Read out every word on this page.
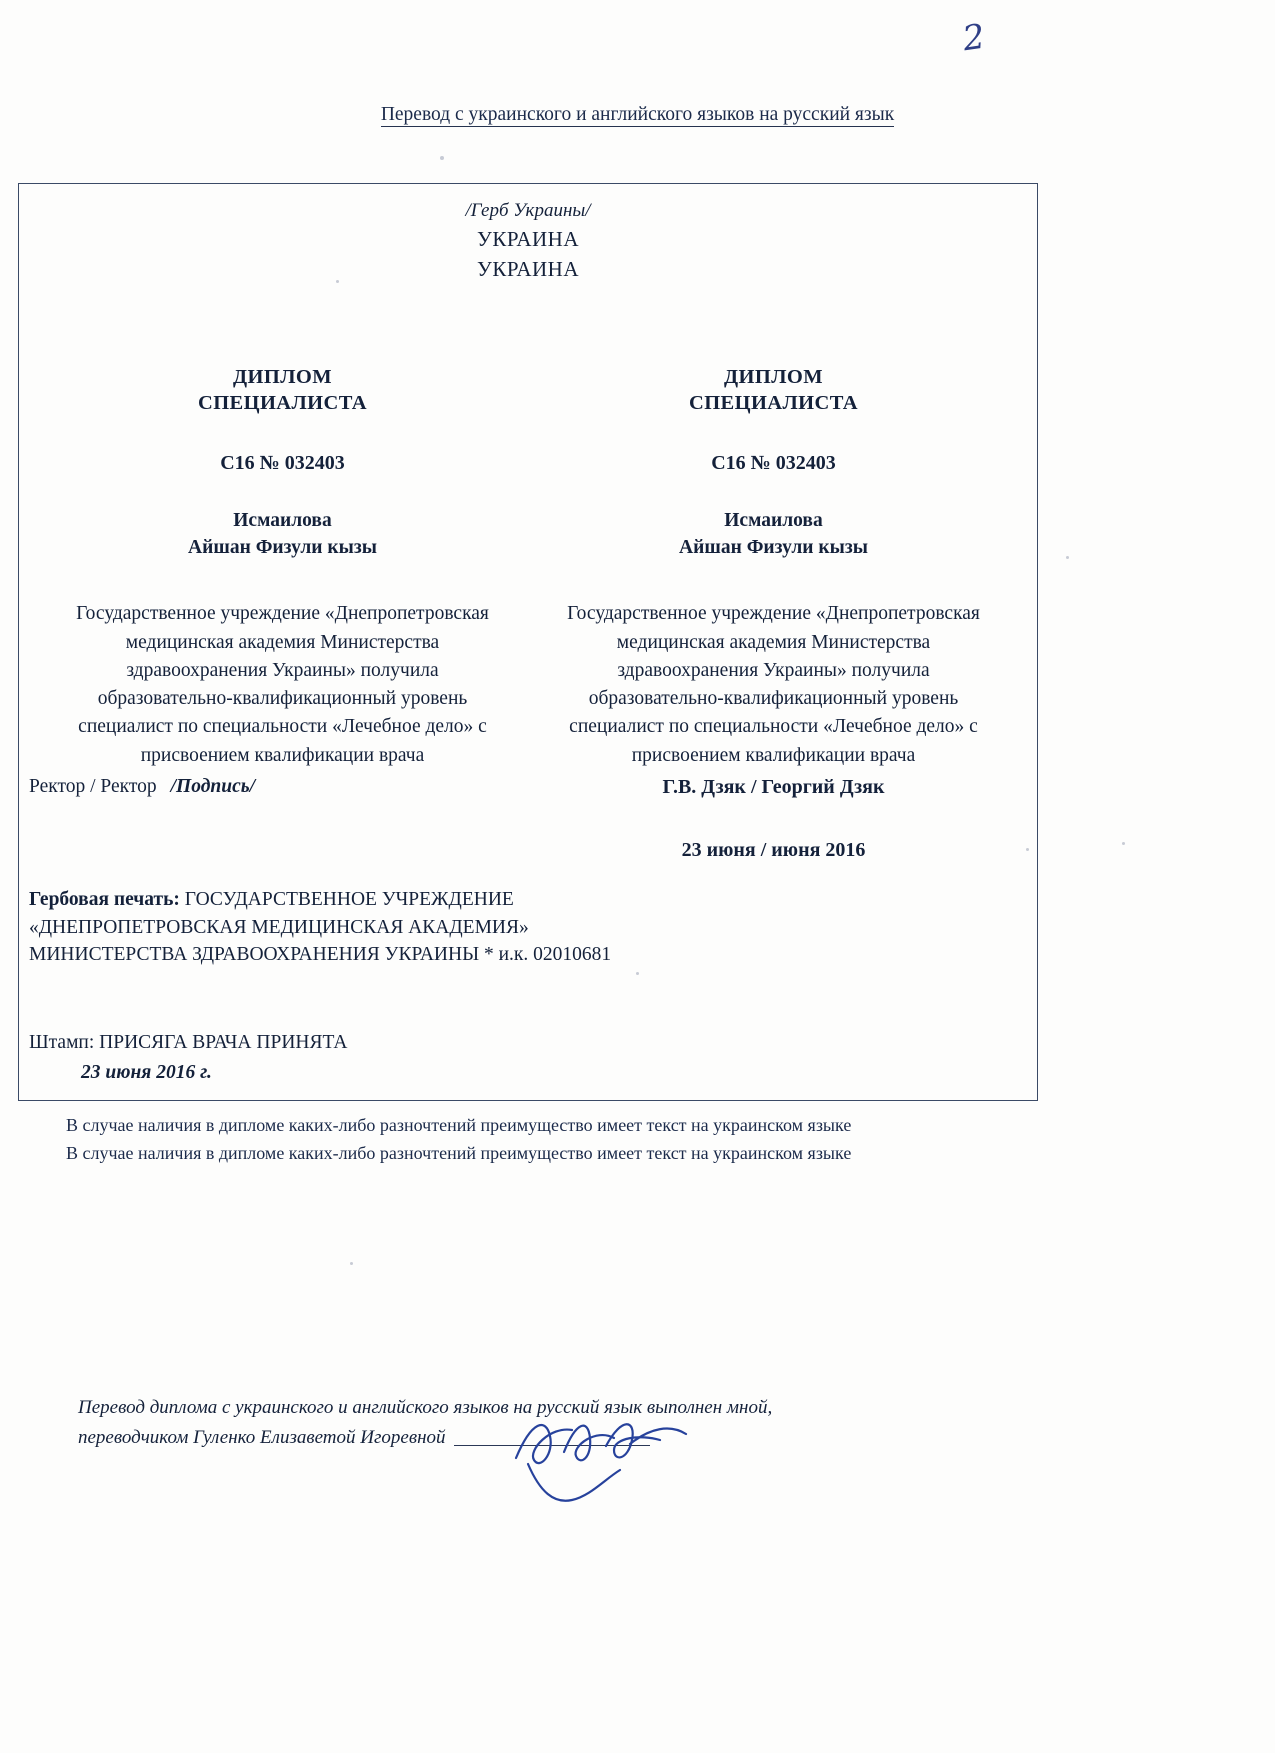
2
Перевод с украинского и английского языков на русский язык
/Герб Украины/
УКРАИНА
УКРАИНА
ДИПЛОМ
СПЕЦИАЛИСТА
С16 № 032403
Исмаилова
Айшан Физули кызы
Государственное учреждение «Днепропетровская медицинская академия Министерства здравоохранения Украины» получила образовательно-квалификационный уровень специалист по специальности «Лечебное дело» с присвоением квалификации врача
ДИПЛОМ
СПЕЦИАЛИСТА
С16 № 032403
Исмаилова
Айшан Физули кызы
Государственное учреждение «Днепропетровская медицинская академия Министерства здравоохранения Украины» получила образовательно-квалификационный уровень специалист по специальности «Лечебное дело» с присвоением квалификации врача
Ректор / Ректор /Подпись/	Г.В. Дзяк / Георгий Дзяк
23 июня / июня 2016
Гербовая печать: ГОСУДАРСТВЕННОЕ УЧРЕЖДЕНИЕ «ДНЕПРОПЕТРОВСКАЯ МЕДИЦИНСКАЯ АКАДЕМИЯ» МИНИСТЕРСТВА ЗДРАВООХРАНЕНИЯ УКРАИНЫ * и.к. 02010681
Штамп: ПРИСЯГА ВРАЧА ПРИНЯТА
23 июня 2016 г.
В случае наличия в дипломе каких-либо разночтений преимущество имеет текст на украинском языке
В случае наличия в дипломе каких-либо разночтений преимущество имеет текст на украинском языке
Перевод диплома с украинского и английского языков на русский язык выполнен мной,
переводчиком Гуленко Елизаветой Игоревной
